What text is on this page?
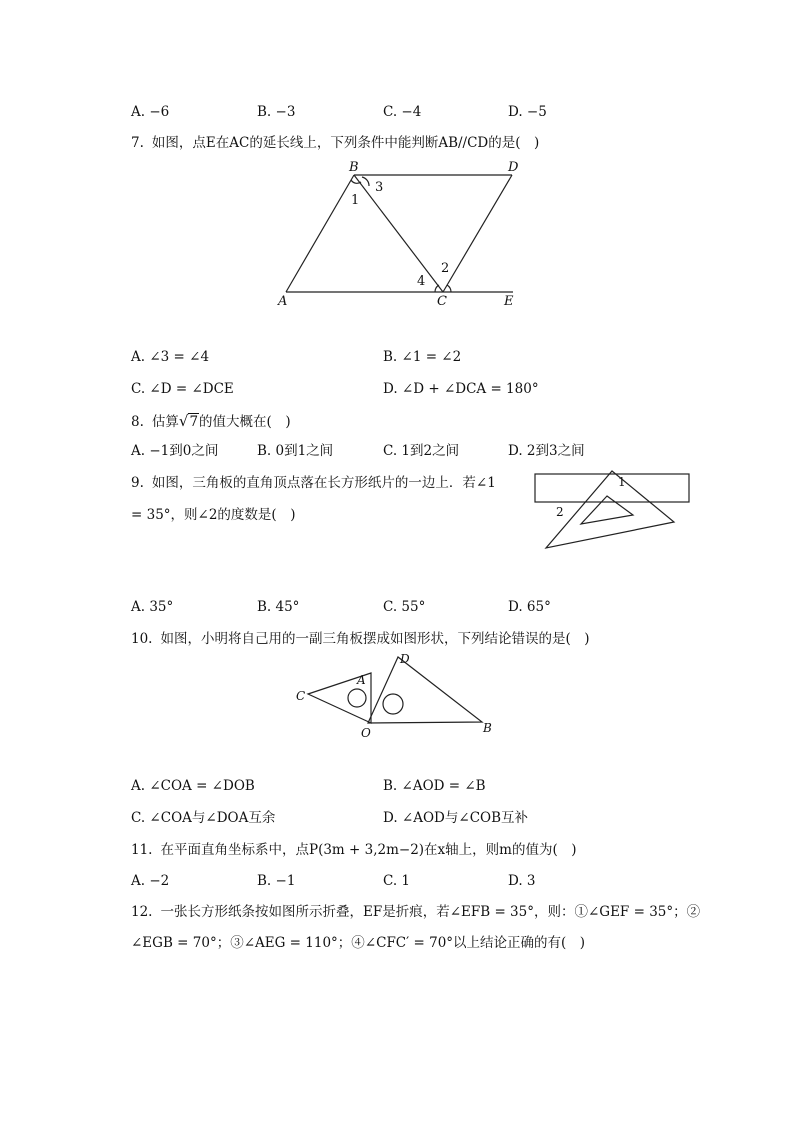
A. −6	B. −3	C. −4	D. −5
7. 如图，点E在AC的延长线上，下列条件中能判断AB//CD的是(　)
B	D
A	C	E
1
3
4
2
A. ∠3 = ∠4	B. ∠1 = ∠2
C. ∠D = ∠DCE	D. ∠D + ∠DCA = 180°
8. 估算√7的值大概在(　)
A. −1到0之间	B. 0到1之间	C. 1到2之间	D. 2到3之间
9. 如图，三角板的直角顶点落在长方形纸片的一边上．若∠1
= 35°，则∠2的度数是(　)
1
2
A. 35°	B. 45°	C. 55°	D. 65°
10. 如图，小明将自己用的一副三角板摆成如图形状，下列结论错误的是(　)
C
A
D
O	B
A. ∠COA = ∠DOB	B. ∠AOD = ∠B
C. ∠COA与∠DOA互余	D. ∠AOD与∠COB互补
11. 在平面直角坐标系中，点P(3m + 3,2m−2)在x轴上，则m的值为(　)
A. −2	B. −1	C. 1	D. 3
12. 一张长方形纸条按如图所示折叠，EF是折痕，若∠EFB = 35°，则：①∠GEF = 35°；②
∠EGB = 70°；③∠AEG = 110°；④∠CFC′ = 70°以上结论正确的有(　)
